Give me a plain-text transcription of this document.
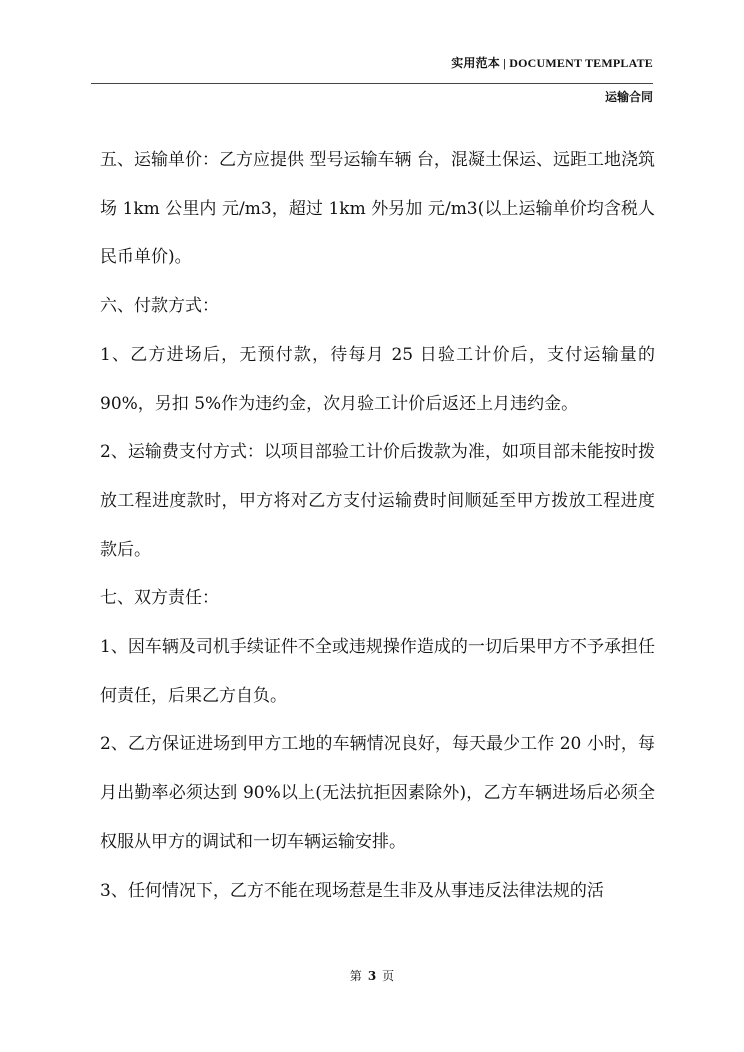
实用范本 | DOCUMENT TEMPLATE
运输合同

五、运输单价：乙方应提供 型号运输车辆 台，混凝土保运、远距工地浇筑场 1km 公里内 元/m3，超过 1km 外另加 元/m3(以上运输单价均含税人民币单价)。

六、付款方式：

1、乙方进场后，无预付款，待每月 25 日验工计价后，支付运输量的 90%，另扣 5%作为违约金，次月验工计价后返还上月违约金。

2、运输费支付方式：以项目部验工计价后拨款为准，如项目部未能按时拨放工程进度款时，甲方将对乙方支付运输费时间顺延至甲方拨放工程进度款后。

七、双方责任：

1、因车辆及司机手续证件不全或违规操作造成的一切后果甲方不予承担任何责任，后果乙方自负。

2、乙方保证进场到甲方工地的车辆情况良好，每天最少工作 20 小时，每月出勤率必须达到 90%以上(无法抗拒因素除外)，乙方车辆进场后必须全权服从甲方的调试和一切车辆运输安排。

3、任何情况下，乙方不能在现场惹是生非及从事违反法律法规的活

第 3 页
